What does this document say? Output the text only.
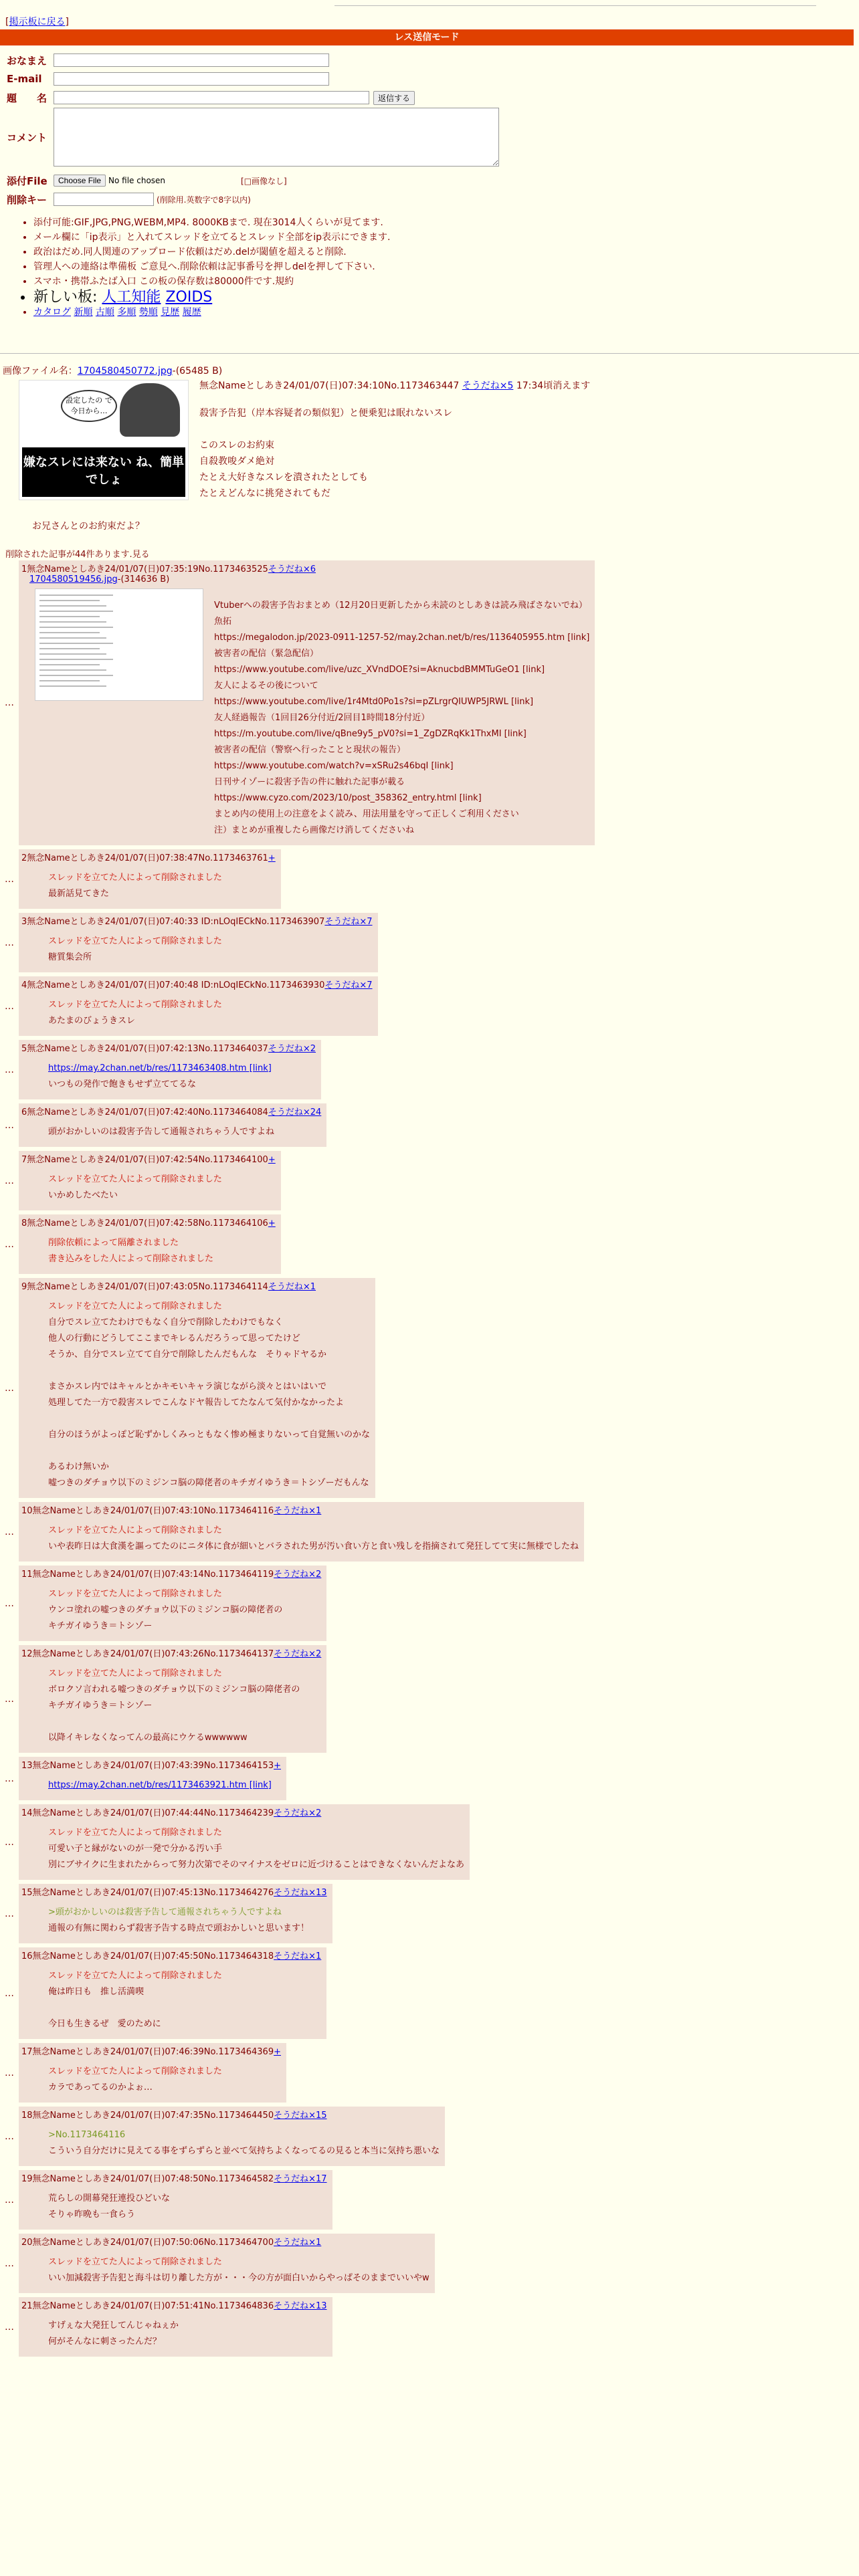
[掲示板に戻る]
レス送信モード
おなまえ
E-mail
題　　名	返信する
コメント
添付File	Choose File No file chosen	[□画像なし]
削除キー	(削除用.英数字で8字以内)
• 添付可能:GIF,JPG,PNG,WEBM,MP4. 8000KBまで. 現在3014人くらいが見てます.
• メール欄に「ip表示」と入れてスレッドを立てるとスレッド全部をip表示にできます.
• 政治はだめ.同人関連のアップロード依頼はだめ.delが閾値を超えると削除.
• 管理人への連絡は準備板 ご意見へ.削除依頼は記事番号を押しdelを押して下さい.
• スマホ・携帯ふたば入口 この板の保存数は80000件です.規約
• 新しい板: 人工知能 ZOIDS
• カタログ 新順 古順 多順 勢順 見歴 履歴
画像ファイル名：1704580450772.jpg-(65485 B)
設定したの で 今日から…
嫌なスレには来ない ね、簡単でしょ
無念Nameとしあき24/01/07(日)07:34:10No.1173463447 そうだね×5 17:34頃消えます
殺害予告犯（岸本容疑者の類似犯）と便乗犯は眠れないスレ

このスレのお約束
自殺教唆ダメ絶対
たとえ大好きなスレを潰されたとしても
たとえどんなに挑発されてもだ
お兄さんとのお約束だよ？
削除された記事が44件あります.見る
…
1無念Nameとしあき24/01/07(日)07:35:19No.1173463525そうだね×6
1704580519456.jpg-(314636 B)
Vtuberへの殺害予告おまとめ（12月20日更新したから未読のとしあきは読み飛ばさないでね）
魚拓
https://megalodon.jp/2023-0911-1257-52/may.2chan.net/b/res/1136405955.htm [link]
被害者の配信（緊急配信）
https://www.youtube.com/live/uzc_XVndDOE?si=AknucbdBMMTuGeO1 [link]
友人によるその後について
https://www.youtube.com/live/1r4Mtd0Po1s?si=pZLrgrQIUWP5JRWL [link]
友人経過報告（1回目26分付近/2回目1時間18分付近）
https://m.youtube.com/live/qBne9y5_pV0?si=1_ZgDZRqKk1ThxMI [link]
被害者の配信（警察へ行ったことと現状の報告）
https://www.youtube.com/watch?v=xSRu2s46bqI [link]
日刊サイゾーに殺害予告の件に触れた記事が載る
https://www.cyzo.com/2023/10/post_358362_entry.html [link]
まとめ内の使用上の注意をよく読み、用法用量を守って正しくご利用ください
注）まとめが重複したら画像だけ消してくださいね
…
2無念Nameとしあき24/01/07(日)07:38:47No.1173463761+
スレッドを立てた人によって削除されました
最新話見てきた
…
3無念Nameとしあき24/01/07(日)07:40:33 ID:nLOqIECkNo.1173463907そうだね×7
スレッドを立てた人によって削除されました
糖質集会所
…
4無念Nameとしあき24/01/07(日)07:40:48 ID:nLOqIECkNo.1173463930そうだね×7
スレッドを立てた人によって削除されました
あたまのびょうきスレ
…
5無念Nameとしあき24/01/07(日)07:42:13No.1173464037そうだね×2
https://may.2chan.net/b/res/1173463408.htm [link]
いつもの発作で飽きもせず立ててるな
…
6無念Nameとしあき24/01/07(日)07:42:40No.1173464084そうだね×24
頭がおかしいのは殺害予告して通報されちゃう人ですよね
…
7無念Nameとしあき24/01/07(日)07:42:54No.1173464100+
スレッドを立てた人によって削除されました
いかめしたべたい
…
8無念Nameとしあき24/01/07(日)07:42:58No.1173464106+
削除依頼によって隔離されました
書き込みをした人によって削除されました
…
9無念Nameとしあき24/01/07(日)07:43:05No.1173464114そうだね×1
スレッドを立てた人によって削除されました
自分でスレ立てたわけでもなく自分で削除したわけでもなく
他人の行動にどうしてここまでキレるんだろうって思ってたけど
そうか、自分でスレ立てて自分で削除したんだもんな　そりゃドヤるか

まさかスレ内ではキャルとかキモいキャラ演じながら淡々とはいはいで
処理してた一方で殺害スレでこんなドヤ報告してたなんて気付かなかったよ

自分のほうがよっぽど恥ずかしくみっともなく惨め極まりないって自覚無いのかな

あるわけ無いか
嘘つきのダチョウ以下のミジンコ脳の障佬者のキチガイゆうき＝トシゾーだもんな
…
10無念Nameとしあき24/01/07(日)07:43:10No.1173464116そうだね×1
スレッドを立てた人によって削除されました
いや表昨日は大食漢を謳ってたのにニタ体に食が細いとバラされた男が汚い食い方と食い残しを指摘されて発狂してて実に無様でしたね
…
11無念Nameとしあき24/01/07(日)07:43:14No.1173464119そうだね×2
スレッドを立てた人によって削除されました
ウンコ塗れの嘘つきのダチョウ以下のミジンコ脳の障佬者の
キチガイゆうき＝トシゾー
…
12無念Nameとしあき24/01/07(日)07:43:26No.1173464137そうだね×2
スレッドを立てた人によって削除されました
ボロクソ言われる嘘つきのダチョウ以下のミジンコ脳の障佬者の
キチガイゆうき＝トシゾー

以降イキレなくなってんの最高にウケるwwwwww
…
13無念Nameとしあき24/01/07(日)07:43:39No.1173464153+
https://may.2chan.net/b/res/1173463921.htm [link]
…
14無念Nameとしあき24/01/07(日)07:44:44No.1173464239そうだね×2
スレッドを立てた人によって削除されました
可愛い子と縁がないのが一発で分かる汚い手
別にブサイクに生まれたからって努力次第でそのマイナスをゼロに近づけることはできなくないんだよなあ
…
15無念Nameとしあき24/01/07(日)07:45:13No.1173464276そうだね×13
>頭がおかしいのは殺害予告して通報されちゃう人ですよね
通報の有無に関わらず殺害予告する時点で頭おかしいと思います！
…
16無念Nameとしあき24/01/07(日)07:45:50No.1173464318そうだね×1
スレッドを立てた人によって削除されました
俺は昨日も　推し活満喫

今日も生きるぜ　愛のために
…
17無念Nameとしあき24/01/07(日)07:46:39No.1173464369+
スレッドを立てた人によって削除されました
カラであってるのかよぉ…
…
18無念Nameとしあき24/01/07(日)07:47:35No.1173464450そうだね×15
>No.1173464116
こういう自分だけに見えてる事をずらずらと並べて気持ちよくなってるの見ると本当に気持ち悪いな
…
19無念Nameとしあき24/01/07(日)07:48:50No.1173464582そうだね×17
荒らしの開幕発狂連投ひどいな
そりゃ昨晩も一食らう
…
20無念Nameとしあき24/01/07(日)07:50:06No.1173464700そうだね×1
スレッドを立てた人によって削除されました
いい加減殺害予告犯と海斗は切り離した方が・・・今の方が面白いからやっぱそのままでいいやw
…
21無念Nameとしあき24/01/07(日)07:51:41No.1173464836そうだね×13
すげぇな大発狂してんじゃねぇか
何がそんなに刺さったんだ？
